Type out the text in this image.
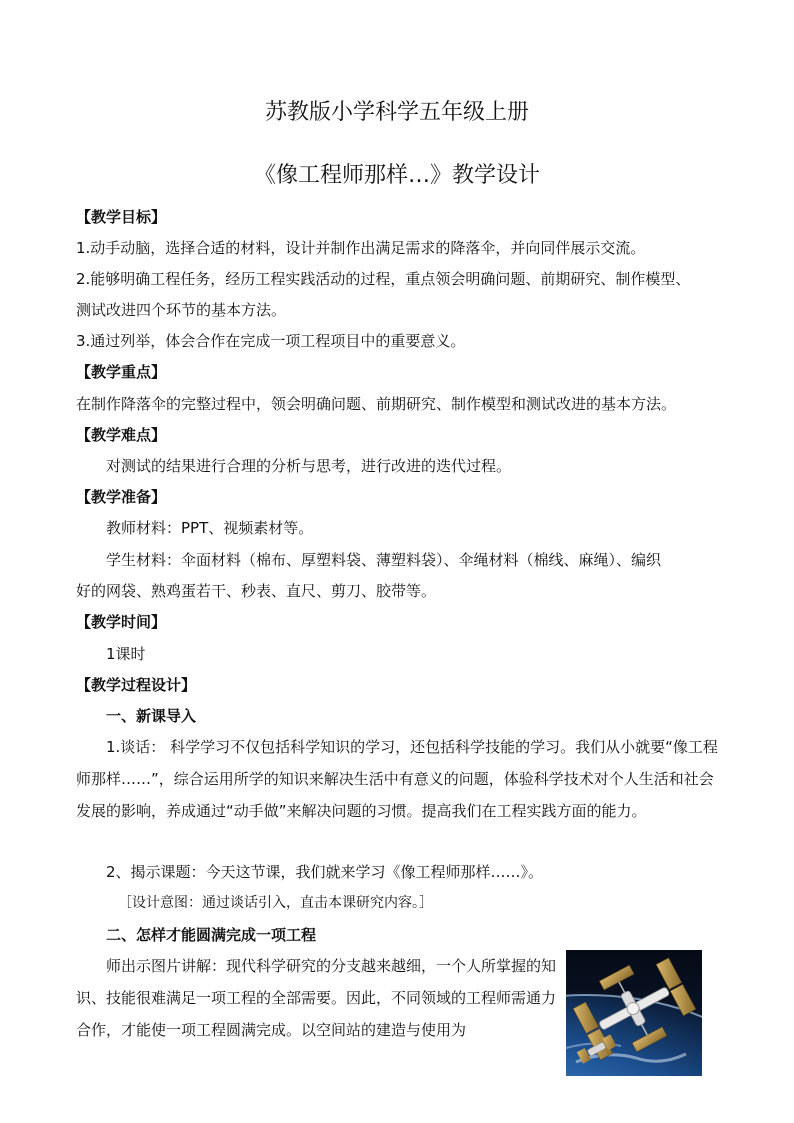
苏教版小学科学五年级上册
《像工程师那样…》教学设计
【教学目标】
1.动手动脑，选择合适的材料，设计并制作出满足需求的降落伞，并向同伴展示交流。
2.能够明确工程任务，经历工程实践活动的过程，重点领会明确问题、前期研究、制作模型、
测试改进四个环节的基本方法。
3.通过列举，体会合作在完成一项工程项目中的重要意义。
【教学重点】
在制作降落伞的完整过程中，领会明确问题、前期研究、制作模型和测试改进的基本方法。
【教学难点】
对测试的结果进行合理的分析与思考，进行改进的迭代过程。
【教学准备】
教师材料：PPT、视频素材等。
学生材料：伞面材料（棉布、厚塑料袋、薄塑料袋）、伞绳材料（棉线、麻绳）、编织
好的网袋、熟鸡蛋若干、秒表、直尺、剪刀、胶带等。
【教学时间】
1课时
【教学过程设计】
一、新课导入
1.谈话： 科学学习不仅包括科学知识的学习，还包括科学技能的学习。我们从小就要“像工程师那样……”，综合运用所学的知识来解决生活中有意义的问题，体验科学技术对个人生活和社会发展的影响，养成通过“动手做”来解决问题的习惯。提高我们在工程实践方面的能力。
2、揭示课题：今天这节课，我们就来学习《像工程师那样……》。
［设计意图：通过谈话引入，直击本课研究内容。］
二、怎样才能圆满完成一项工程
师出示图片讲解：现代科学研究的分支越来越细，一个人所掌握的知识、技能很难满足一项工程的全部需要。因此，不同领域的工程师需通力合作，才能使一项工程圆满完成。以空间站的建造与使用为
